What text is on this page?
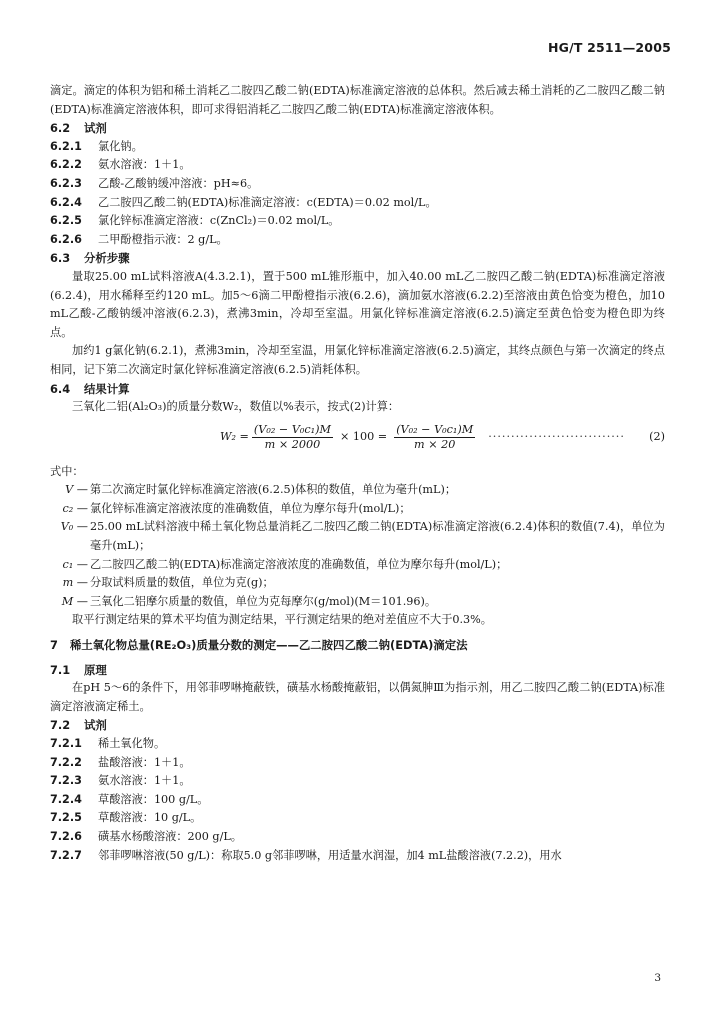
HG/T 2511—2005

滴定。滴定的体积为铝和稀土消耗乙二胺四乙酸二钠(EDTA)标准滴定溶液的总体积。然后减去稀土消耗的乙二胺四乙酸二钠(EDTA)标准滴定溶液体积，即可求得铝消耗乙二胺四乙酸二钠(EDTA)标准滴定溶液体积。

6.2 试剂

6.2.1 氯化钠。

6.2.2 氨水溶液：1＋1。

6.2.3 乙酸-乙酸钠缓冲溶液：pH≈6。

6.2.4 乙二胺四乙酸二钠(EDTA)标准滴定溶液：c(EDTA)＝0.02 mol/L。

6.2.5 氯化锌标准滴定溶液：c(ZnCl₂)＝0.02 mol/L。

6.2.6 二甲酚橙指示液：2 g/L。

6.3 分析步骤

量取25.00 mL试料溶液A(4.3.2.1)，置于500 mL锥形瓶中，加入40.00 mL乙二胺四乙酸二钠(EDTA)标准滴定溶液(6.2.4)，用水稀释至约120 mL。加5～6滴二甲酚橙指示液(6.2.6)，滴加氨水溶液(6.2.2)至溶液由黄色恰变为橙色，加10 mL乙酸-乙酸钠缓冲溶液(6.2.3)，煮沸3min，冷却至室温。用氯化锌标准滴定溶液(6.2.5)滴定至黄色恰变为橙色即为终点。

加约1 g氯化钠(6.2.1)，煮沸3min，冷却至室温，用氯化锌标准滴定溶液(6.2.5)滴定，其终点颜色与第一次滴定的终点相同，记下第二次滴定时氯化锌标准滴定溶液(6.2.5)消耗体积。

6.4 结果计算

三氧化二铝(Al₂O₃)的质量分数W₂，数值以%表示，按式(2)计算：

$W_2 = \frac{\text{(V₀₂ − V₀c₁)M}}{m \times 2000} \times 100 = \frac{\text{(V₀₂ − V₀c₁)M}}{m \times 20}$ ······························	(2)

式中：

V — 第二次滴定时氯化锌标准滴定溶液(6.2.5)体积的数值，单位为毫升(mL)；
c₂ — 氯化锌标准滴定溶液浓度的准确数值，单位为摩尔每升(mol/L)；
V₀ — 25.00 mL试料溶液中稀土氧化物总量消耗乙二胺四乙酸二钠(EDTA)标准滴定溶液(6.2.4)体积的数值(7.4)，单位为毫升(mL)；
c₁ — 乙二胺四乙酸二钠(EDTA)标准滴定溶液浓度的准确数值，单位为摩尔每升(mol/L)；
m — 分取试料质量的数值，单位为克(g)；
M — 三氧化二铝摩尔质量的数值，单位为克每摩尔(g/mol)(M＝101.96)。

取平行测定结果的算术平均值为测定结果，平行测定结果的绝对差值应不大于0.3%。

7 稀土氧化物总量(RE₂O₃)质量分数的测定——乙二胺四乙酸二钠(EDTA)滴定法

7.1 原理

在pH 5～6的条件下，用邻菲啰啉掩蔽铁，磺基水杨酸掩蔽铝，以偶氮胂Ⅲ为指示剂，用乙二胺四乙酸二钠(EDTA)标准滴定溶液滴定稀土。

7.2 试剂

7.2.1 稀土氧化物。

7.2.2 盐酸溶液：1＋1。

7.2.3 氨水溶液：1＋1。

7.2.4 草酸溶液：100 g/L。

7.2.5 草酸溶液：10 g/L。

7.2.6 磺基水杨酸溶液：200 g/L。

7.2.7 邻菲啰啉溶液(50 g/L)：称取5.0 g邻菲啰啉，用适量水润湿，加4 mL盐酸溶液(7.2.2)，用水

3
